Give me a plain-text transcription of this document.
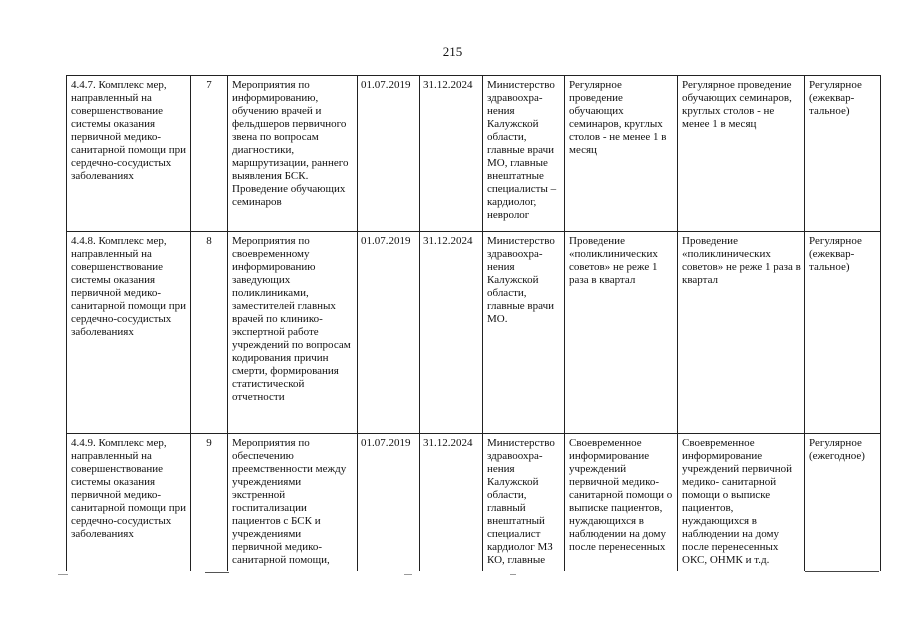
215
4.4.7. Комплекс мер, направленный на совершенствование системы оказания первичной медико-санитарной помощи при сердечно-сосудистых заболеваниях	7	Мероприятия по информированию, обучению врачей и фельдшеров первичного звена по вопросам диагностики, маршрутизации, раннего выявления БСК. Проведение обучающих семинаров	01.07.2019	31.12.2024	Министерство здравоохра-нения Калужской области, главные врачи МО, главные внештатные специалисты – кардиолог, невролог	Регулярное проведение обучающих семинаров, круглых столов - не менее 1 в месяц	Регулярное проведение обучающих семинаров, круглых столов - не менее 1 в месяц	Регулярное (ежеквар-тальное)
4.4.8. Комплекс мер, направленный на совершенствование системы оказания первичной медико-санитарной помощи при сердечно-сосудистых заболеваниях	8	Мероприятия по своевременному информированию заведующих поликлиниками, заместителей главных врачей по клинико-экспертной работе учреждений по вопросам кодирования причин смерти, формирования статистической отчетности	01.07.2019	31.12.2024	Министерство здравоохра-нения Калужской области, главные врачи МО.	Проведение «поликлинических советов» не реже 1 раза в квартал	Проведение «поликлинических советов» не реже 1 раза в квартал	Регулярное (ежеквар-тальное)
4.4.9. Комплекс мер, направленный на совершенствование системы оказания первичной медико-санитарной помощи при сердечно-сосудистых заболеваниях	9	Мероприятия по обеспечению преемственности между учреждениями экстренной госпитализации пациентов с БСК и учреждениями первичной медико-санитарной помощи,	01.07.2019	31.12.2024	Министерство здравоохра-нения Калужской области, главный внештатный специалист кардиолог МЗ КО, главные	Своевременное информирование учреждений первичной медико-санитарной помощи о выписке пациентов, нуждающихся в наблюдении на дому после перенесенных	Своевременное информирование учреждений первичной медико- санитарной помощи о выписке пациентов, нуждающихся в наблюдении на дому после перенесенных ОКС, ОНМК и т.д.	Регулярное (ежегодное)
